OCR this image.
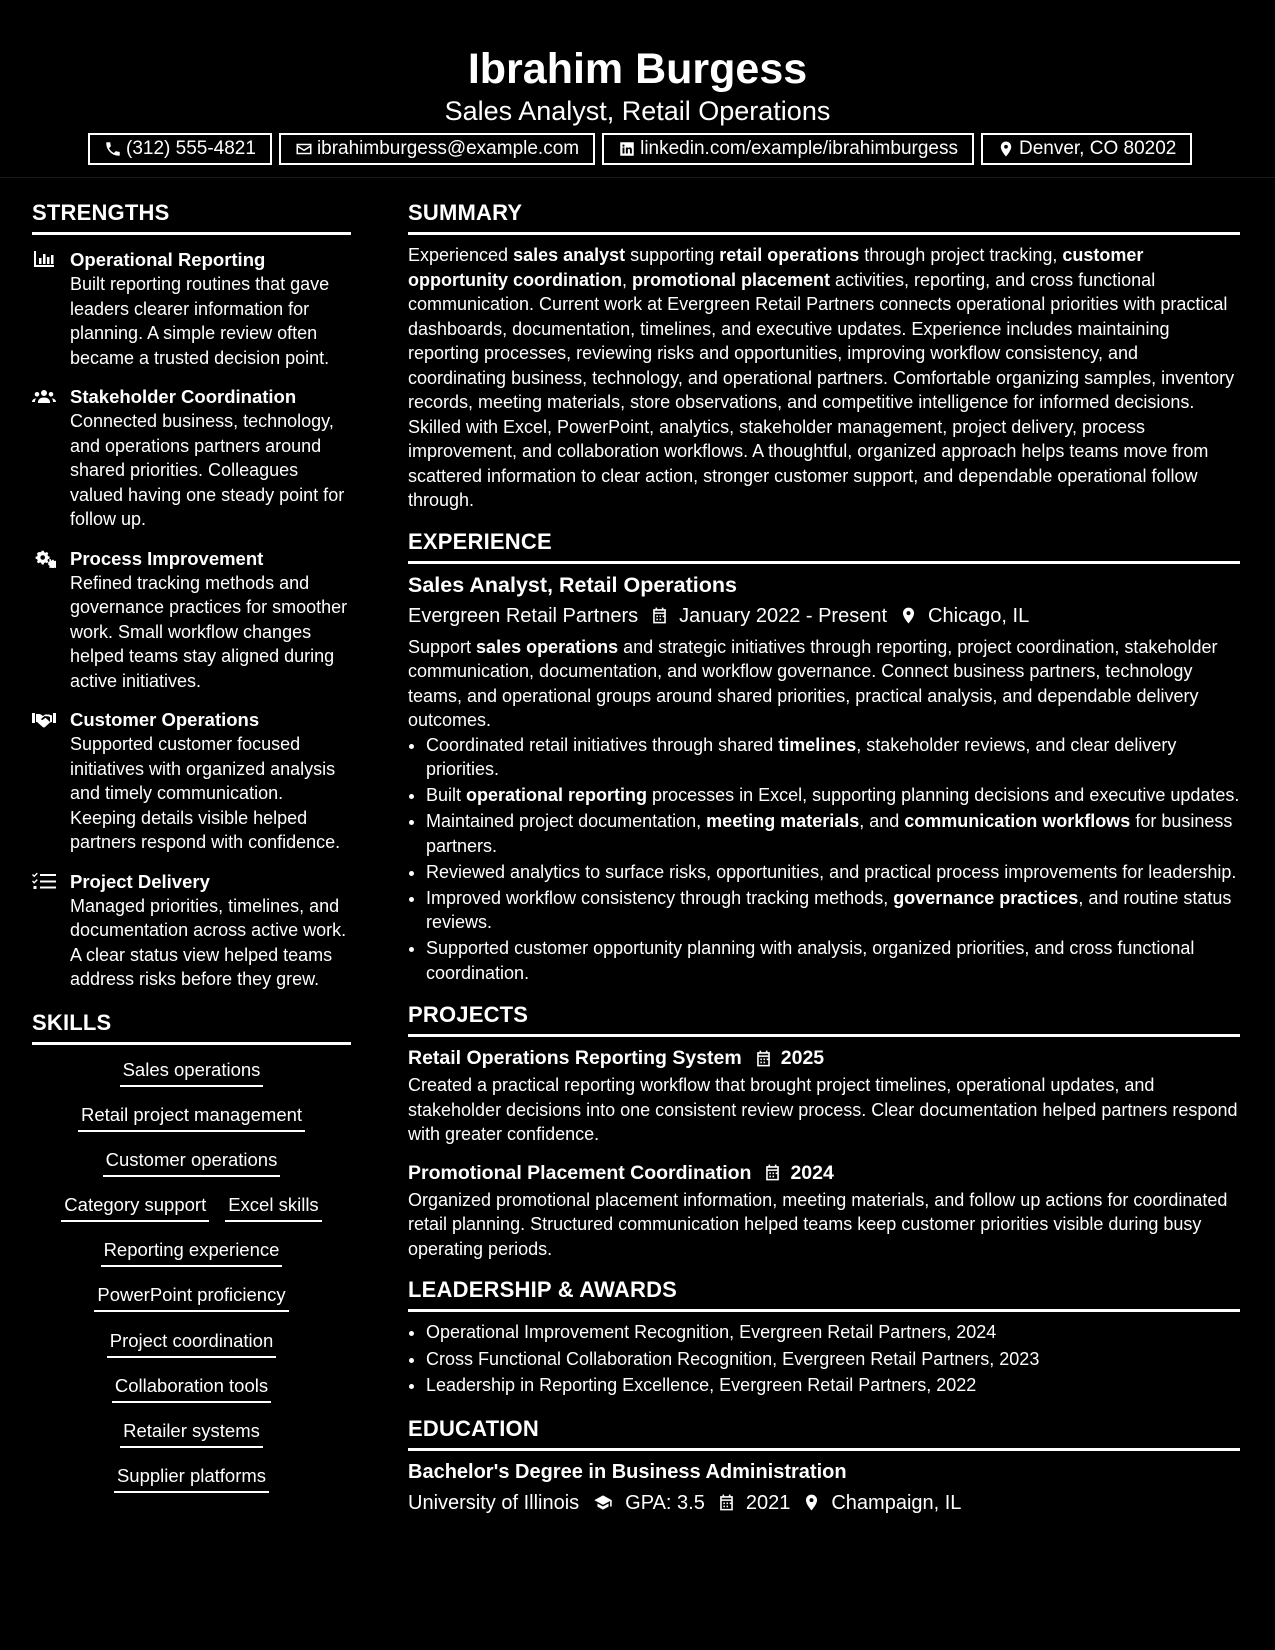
Ibrahim Burgess
Sales Analyst, Retail Operations
(312) 555-4821	ibrahimburgess@example.com	linkedin.com/example/ibrahimburgess	Denver, CO 80202
STRENGTHS
Operational Reporting
Built reporting routines that gave leaders clearer information for planning. A simple review often became a trusted decision point.
Stakeholder Coordination
Connected business, technology, and operations partners around shared priorities. Colleagues valued having one steady point for follow up.
Process Improvement
Refined tracking methods and governance practices for smoother work. Small workflow changes helped teams stay aligned during active initiatives.
Customer Operations
Supported customer focused initiatives with organized analysis and timely communication. Keeping details visible helped partners respond with confidence.
Project Delivery
Managed priorities, timelines, and documentation across active work. A clear status view helped teams address risks before they grew.
SKILLS
Sales operations
Retail project management
Customer operations
Category support Excel skills
Reporting experience
PowerPoint proficiency
Project coordination
Collaboration tools
Retailer systems
Supplier platforms
SUMMARY
Experienced sales analyst supporting retail operations through project tracking, customer opportunity coordination, promotional placement activities, reporting, and cross functional communication. Current work at Evergreen Retail Partners connects operational priorities with practical dashboards, documentation, timelines, and executive updates. Experience includes maintaining reporting processes, reviewing risks and opportunities, improving workflow consistency, and coordinating business, technology, and operational partners. Comfortable organizing samples, inventory records, meeting materials, store observations, and competitive intelligence for informed decisions. Skilled with Excel, PowerPoint, analytics, stakeholder management, project delivery, process improvement, and collaboration workflows. A thoughtful, organized approach helps teams move from scattered information to clear action, stronger customer support, and dependable operational follow through.
EXPERIENCE
Sales Analyst, Retail Operations
Evergreen Retail Partners January 2022 - Present Chicago, IL
Support sales operations and strategic initiatives through reporting, project coordination, stakeholder communication, documentation, and workflow governance. Connect business partners, technology teams, and operational groups around shared priorities, practical analysis, and dependable delivery outcomes.
• Coordinated retail initiatives through shared timelines, stakeholder reviews, and clear delivery priorities.
• Built operational reporting processes in Excel, supporting planning decisions and executive updates.
• Maintained project documentation, meeting materials, and communication workflows for business partners.
• Reviewed analytics to surface risks, opportunities, and practical process improvements for leadership.
• Improved workflow consistency through tracking methods, governance practices, and routine status reviews.
• Supported customer opportunity planning with analysis, organized priorities, and cross functional coordination.
PROJECTS
Retail Operations Reporting System 2025
Created a practical reporting workflow that brought project timelines, operational updates, and stakeholder decisions into one consistent review process. Clear documentation helped partners respond with greater confidence.
Promotional Placement Coordination 2024
Organized promotional placement information, meeting materials, and follow up actions for coordinated retail planning. Structured communication helped teams keep customer priorities visible during busy operating periods.
LEADERSHIP & AWARDS
• Operational Improvement Recognition, Evergreen Retail Partners, 2024
• Cross Functional Collaboration Recognition, Evergreen Retail Partners, 2023
• Leadership in Reporting Excellence, Evergreen Retail Partners, 2022
EDUCATION
Bachelor's Degree in Business Administration
University of Illinois GPA: 3.5 2021 Champaign, IL
